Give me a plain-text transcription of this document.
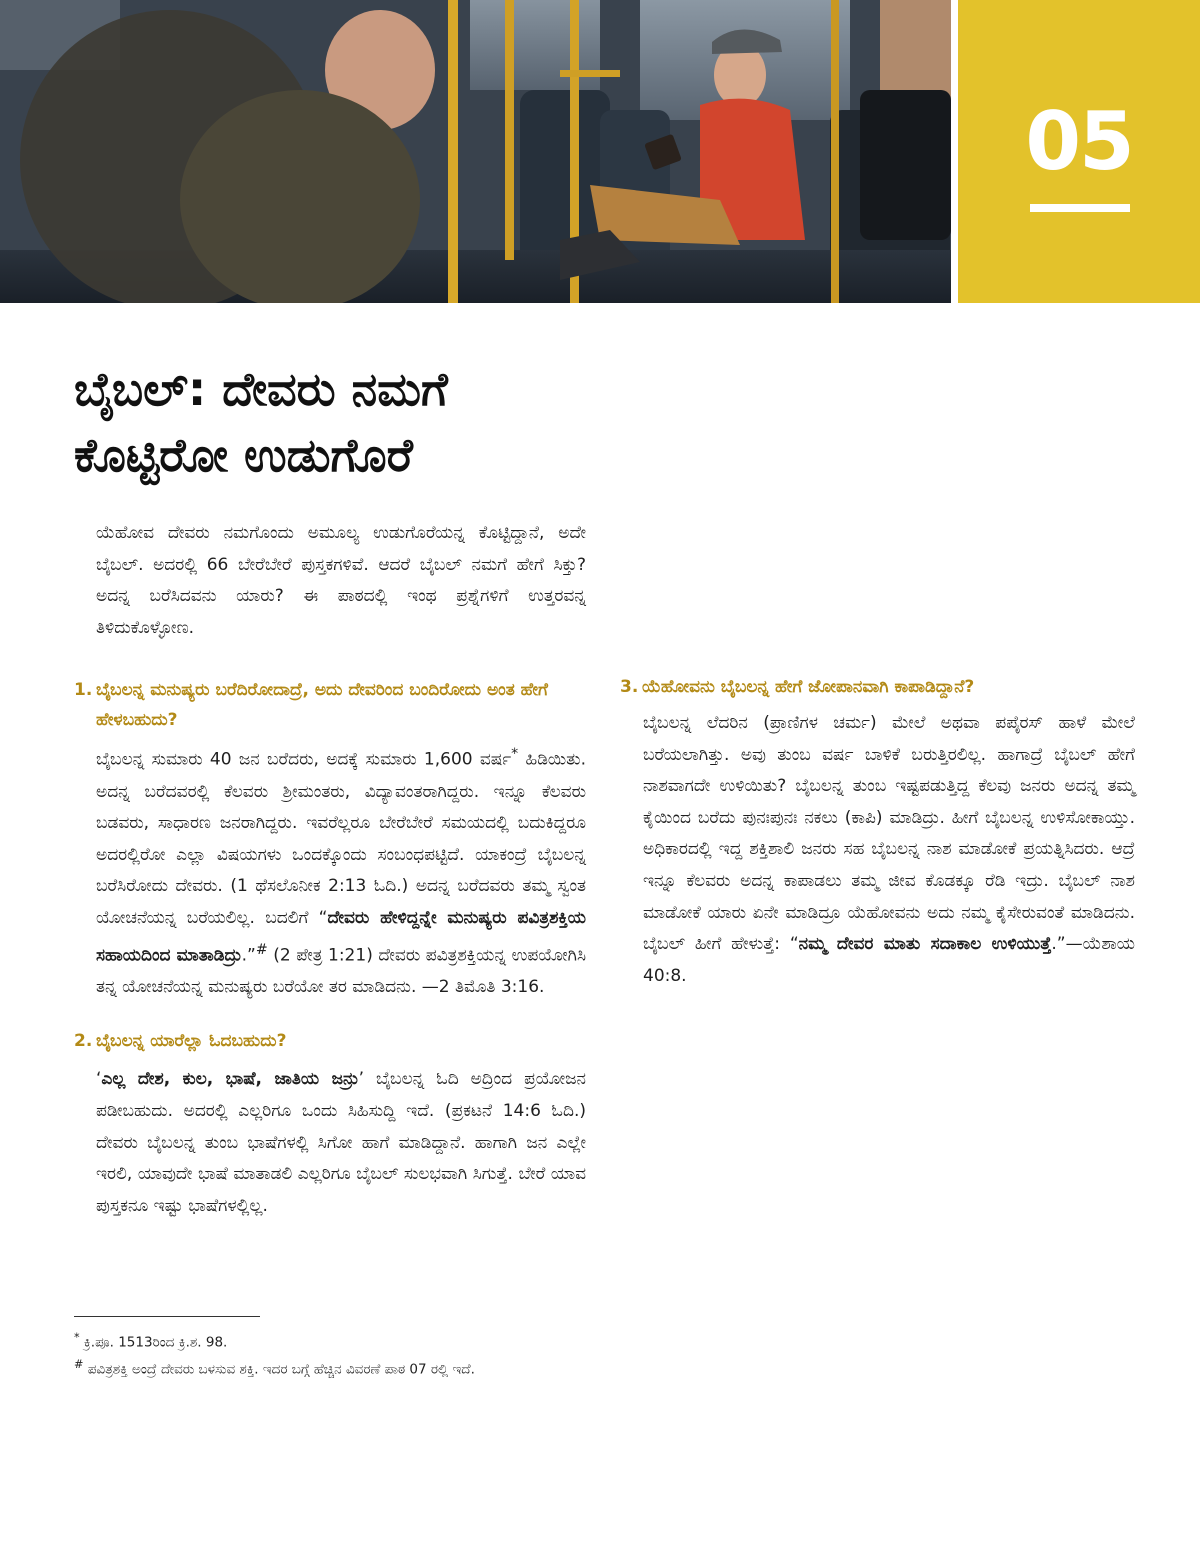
05
ಬೈಬಲ್: ದೇವರು ನಮಗೆ
ಕೊಟ್ಟಿರೋ ಉಡುಗೊರೆ

ಯೆಹೋವ ದೇವರು ನಮಗೊಂದು ಅಮೂಲ್ಯ ಉಡುಗೊರೆಯನ್ನ ಕೊಟ್ಟಿದ್ದಾನೆ, ಅದೇ ಬೈಬಲ್. ಅದರಲ್ಲಿ 66 ಬೇರೆಬೇರೆ ಪುಸ್ತಕಗಳಿವೆ. ಆದರೆ ಬೈಬಲ್ ನಮಗೆ ಹೇಗೆ ಸಿಕ್ತು? ಅದನ್ನ ಬರೆಸಿದವನು ಯಾರು? ಈ ಪಾಠದಲ್ಲಿ ಇಂಥ ಪ್ರಶ್ನೆಗಳಿಗೆ ಉತ್ತರವನ್ನ ತಿಳಿದುಕೊಳ್ಳೋಣ.

1. ಬೈಬಲನ್ನ ಮನುಷ್ಯರು ಬರೆದಿರೋದಾದ್ರೆ, ಅದು ದೇವರಿಂದ ಬಂದಿರೋದು ಅಂತ ಹೇಗೆ ಹೇಳಬಹುದು?

ಬೈಬಲನ್ನ ಸುಮಾರು 40 ಜನ ಬರೆದರು, ಅದಕ್ಕೆ ಸುಮಾರು 1,600 ವರ್ಷ* ಹಿಡಿಯಿತು. ಅದನ್ನ ಬರೆದವರಲ್ಲಿ ಕೆಲವರು ಶ್ರೀಮಂತರು, ವಿದ್ಯಾವಂತರಾಗಿದ್ದರು. ಇನ್ನೂ ಕೆಲವರು ಬಡವರು, ಸಾಧಾರಣ ಜನರಾಗಿದ್ದರು. ಇವರೆಲ್ಲರೂ ಬೇರೆಬೇರೆ ಸಮಯದಲ್ಲಿ ಬದುಕಿದ್ದರೂ ಅದರಲ್ಲಿರೋ ಎಲ್ಲಾ ವಿಷಯಗಳು ಒಂದಕ್ಕೊಂದು ಸಂಬಂಧಪಟ್ಟಿದೆ. ಯಾಕಂದ್ರೆ ಬೈಬಲನ್ನ ಬರೆಸಿರೋದು ದೇವರು. (1 ಥೆಸಲೊನೀಕ 2:13 ಓದಿ.) ಅದನ್ನ ಬರೆದವರು ತಮ್ಮ ಸ್ವಂತ ಯೋಚನೆಯನ್ನ ಬರೆಯಲಿಲ್ಲ. ಬದಲಿಗೆ “ದೇವರು ಹೇಳಿದ್ದನ್ನೇ ಮನುಷ್ಯರು ಪವಿತ್ರಶಕ್ತಿಯ ಸಹಾಯದಿಂದ ಮಾತಾಡಿದ್ರು.”# (2 ಪೇತ್ರ 1:21) ದೇವರು ಪವಿತ್ರಶಕ್ತಿಯನ್ನ ಉಪಯೋಗಿಸಿ ತನ್ನ ಯೋಚನೆಯನ್ನ ಮನುಷ್ಯರು ಬರೆಯೋ ತರ ಮಾಡಿದನು. —2 ತಿಮೊತಿ 3:16.

2. ಬೈಬಲನ್ನ ಯಾರೆಲ್ಲಾ ಓದಬಹುದು?

‘ಎಲ್ಲ ದೇಶ, ಕುಲ, ಭಾಷೆ, ಜಾತಿಯ ಜನ್ರು’ ಬೈಬಲನ್ನ ಓದಿ ಅದ್ರಿಂದ ಪ್ರಯೋಜನ ಪಡೀಬಹುದು. ಅದರಲ್ಲಿ ಎಲ್ಲರಿಗೂ ಒಂದು ಸಿಹಿಸುದ್ದಿ ಇದೆ. (ಪ್ರಕಟನೆ 14:6 ಓದಿ.) ದೇವರು ಬೈಬಲನ್ನ ತುಂಬ ಭಾಷೆಗಳಲ್ಲಿ ಸಿಗೋ ಹಾಗೆ ಮಾಡಿದ್ದಾನೆ. ಹಾಗಾಗಿ ಜನ ಎಲ್ಲೇ ಇರಲಿ, ಯಾವುದೇ ಭಾಷೆ ಮಾತಾಡಲಿ ಎಲ್ಲರಿಗೂ ಬೈಬಲ್ ಸುಲಭವಾಗಿ ಸಿಗುತ್ತೆ. ಬೇರೆ ಯಾವ ಪುಸ್ತಕನೂ ಇಷ್ಟು ಭಾಷೆಗಳಲ್ಲಿಲ್ಲ.

* ಕ್ರಿ.ಪೂ. 1513ರಿಂದ ಕ್ರಿ.ಶ. 98.

# ಪವಿತ್ರಶಕ್ತಿ ಅಂದ್ರೆ ದೇವರು ಬಳಸುವ ಶಕ್ತಿ. ಇದರ ಬಗ್ಗೆ ಹೆಚ್ಚಿನ ವಿವರಣೆ ಪಾಠ 07 ರಲ್ಲಿ ಇದೆ.

3. ಯೆಹೋವನು ಬೈಬಲನ್ನ ಹೇಗೆ ಜೋಪಾನವಾಗಿ ಕಾಪಾಡಿದ್ದಾನೆ?

ಬೈಬಲನ್ನ ಲೆದರಿನ (ಪ್ರಾಣಿಗಳ ಚರ್ಮ) ಮೇಲೆ ಅಥವಾ ಪಪೈರಸ್ ಹಾಳೆ ಮೇಲೆ ಬರೆಯಲಾಗಿತ್ತು. ಅವು ತುಂಬ ವರ್ಷ ಬಾಳಿಕೆ ಬರುತ್ತಿರಲಿಲ್ಲ. ಹಾಗಾದ್ರೆ ಬೈಬಲ್ ಹೇಗೆ ನಾಶವಾಗದೇ ಉಳಿಯಿತು? ಬೈಬಲನ್ನ ತುಂಬ ಇಷ್ಟಪಡುತ್ತಿದ್ದ ಕೆಲವು ಜನರು ಅದನ್ನ ತಮ್ಮ ಕೈಯಿಂದ ಬರೆದು ಪುನಃಪುನಃ ನಕಲು (ಕಾಪಿ) ಮಾಡಿದ್ರು. ಹೀಗೆ ಬೈಬಲನ್ನ ಉಳಿಸೋಕಾಯ್ತು. ಅಧಿಕಾರದಲ್ಲಿ ಇದ್ದ ಶಕ್ತಿಶಾಲಿ ಜನರು ಸಹ ಬೈಬಲನ್ನ ನಾಶ ಮಾಡೋಕೆ ಪ್ರಯತ್ನಿಸಿದರು. ಆದ್ರೆ ಇನ್ನೂ ಕೆಲವರು ಅದನ್ನ ಕಾಪಾಡಲು ತಮ್ಮ ಜೀವ ಕೊಡಕ್ಕೂ ರೆಡಿ ಇದ್ರು. ಬೈಬಲ್ ನಾಶ ಮಾಡೋಕೆ ಯಾರು ಏನೇ ಮಾಡಿದ್ರೂ ಯೆಹೋವನು ಅದು ನಮ್ಮ ಕೈಸೇರುವಂತೆ ಮಾಡಿದನು. ಬೈಬಲ್ ಹೀಗೆ ಹೇಳುತ್ತೆ: “ನಮ್ಮ ದೇವರ ಮಾತು ಸದಾಕಾಲ ಉಳಿಯುತ್ತೆ.”—ಯೆಶಾಯ 40:8.
